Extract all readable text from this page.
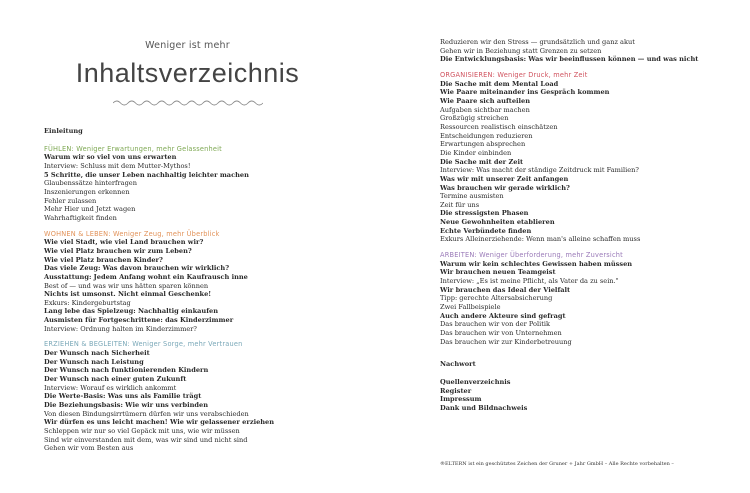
Weniger ist mehr
Inhaltsverzeichnis
Einleitung
FÜHLEN: Weniger Erwartungen, mehr Gelassenheit
Warum wir so viel von uns erwarten
Interview: Schluss mit dem Mutter-Mythos!
5 Schritte, die unser Leben nachhaltig leichter machen
Glaubenssätze hinterfragen
Inszenierungen erkennen
Fehler zulassen
Mehr Hier und Jetzt wagen
Wahrhaftigkeit finden
WOHNEN & LEBEN: Weniger Zeug, mehr Überblick
Wie viel Stadt, wie viel Land brauchen wir?
Wie viel Platz brauchen wir zum Leben?
Wie viel Platz brauchen Kinder?
Das viele Zeug: Was davon brauchen wir wirklich?
Ausstattung: Jedem Anfang wohnt ein Kaufrausch inne
Best of — und was wir uns hätten sparen können
Nichts ist umsonst. Nicht einmal Geschenke!
Exkurs: Kindergeburtstag
Lang lebe das Spielzeug: Nachhaltig einkaufen
Ausmisten für Fortgeschrittene: das Kinderzimmer
Interview: Ordnung halten im Kinderzimmer?
ERZIEHEN & BEGLEITEN: Weniger Sorge, mehr Vertrauen
Der Wunsch nach Sicherheit
Der Wunsch nach Leistung
Der Wunsch nach funktionierenden Kindern
Der Wunsch nach einer guten Zukunft
Interview: Worauf es wirklich ankommt
Die Werte-Basis: Was uns als Familie trägt
Die Beziehungsbasis: Wie wir uns verbinden
Von diesen Bindungsirrtümern dürfen wir uns verabschieden
Wir dürfen es uns leicht machen! Wie wir gelassener erziehen
Schleppen wir nur so viel Gepäck mit uns, wie wir müssen
Sind wir einverstanden mit dem, was wir sind und nicht sind
Gehen wir vom Besten aus
Reduzieren wir den Stress — grundsätzlich und ganz akut
Gehen wir in Beziehung statt Grenzen zu setzen
Die Entwicklungsbasis: Was wir beeinflussen können — und was nicht
ORGANISIEREN: Weniger Druck, mehr Zeit
Die Sache mit dem Mental Load
Wie Paare miteinander ins Gespräch kommen
Wie Paare sich aufteilen
Aufgaben sichtbar machen
Großzügig streichen
Ressourcen realistisch einschätzen
Entscheidungen reduzieren
Erwartungen absprechen
Die Kinder einbinden
Die Sache mit der Zeit
Interview: Was macht der ständige Zeitdruck mit Familien?
Was wir mit unserer Zeit anfangen
Was brauchen wir gerade wirklich?
Termine ausmisten
Zeit für uns
Die stressigsten Phasen
Neue Gewohnheiten etablieren
Echte Verbündete finden
Exkurs Alleinerziehende: Wenn man's alleine schaffen muss
ARBEITEN: Weniger Überforderung, mehr Zuversicht
Warum wir kein schlechtes Gewissen haben müssen
Wir brauchen neuen Teamgeist
Interview: „Es ist meine Pflicht, als Vater da zu sein."
Wir brauchen das Ideal der Vielfalt
Tipp: gerechte Altersabsicherung
Zwei Fallbeispiele
Auch andere Akteure sind gefragt
Das brauchen wir von der Politik
Das brauchen wir von Unternehmen
Das brauchen wir zur Kinderbetreuung
Nachwort
Quellenverzeichnis
Register
Impressum
Dank und Bildnachweis
®ELTERN ist ein geschütztes Zeichen der Gruner + Jahr GmbH – Alle Rechte vorbehalten –
